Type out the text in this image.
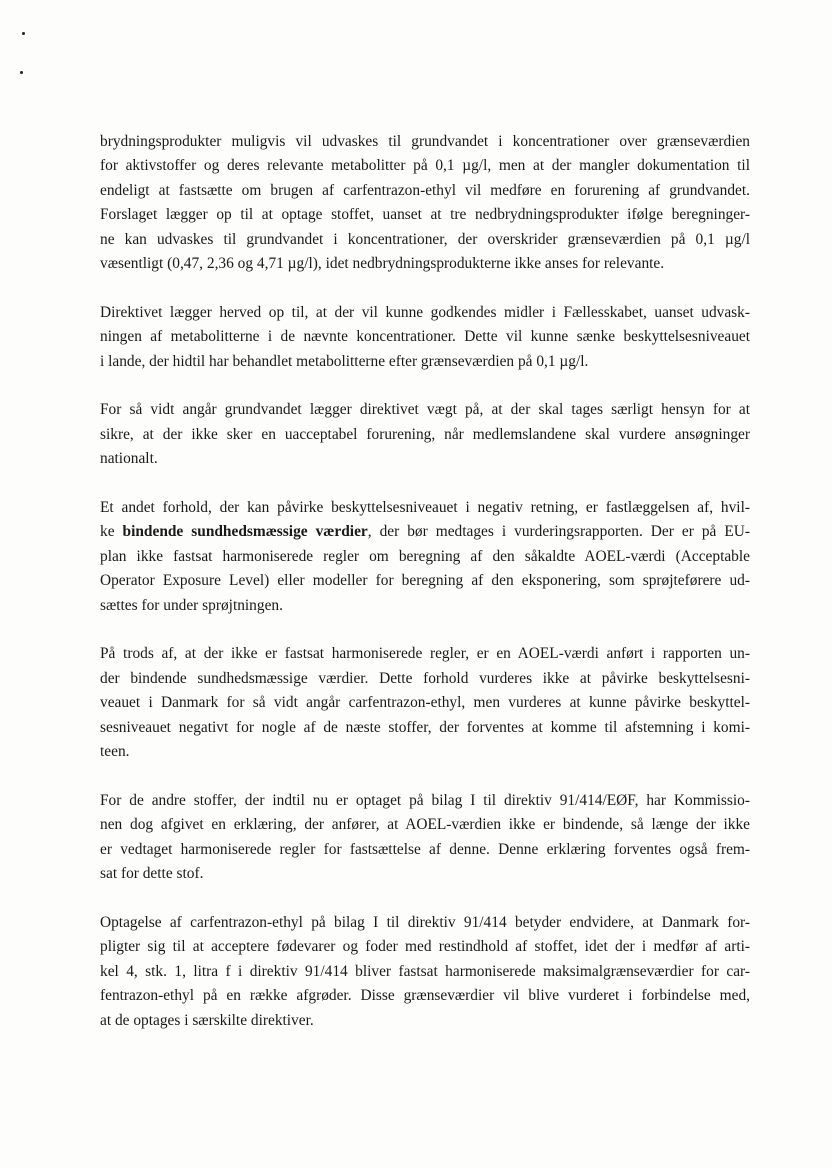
brydningsprodukter muligvis vil udvaskes til grundvandet i koncentrationer over grænseværdien
for aktivstoffer og deres relevante metabolitter på 0,1 µg/l, men at der mangler dokumentation til
endeligt at fastsætte om brugen af carfentrazon-ethyl vil medføre en forurening af grundvandet.
Forslaget lægger op til at optage stoffet, uanset at tre nedbrydningsprodukter ifølge beregninger-
ne kan udvaskes til grundvandet i koncentrationer, der overskrider grænseværdien på 0,1 µg/l
væsentligt (0,47, 2,36 og 4,71 µg/l), idet nedbrydningsprodukterne ikke anses for relevante.

Direktivet lægger herved op til, at der vil kunne godkendes midler i Fællesskabet, uanset udvask-
ningen af metabolitterne i de nævnte koncentrationer. Dette vil kunne sænke beskyttelsesniveauet
i lande, der hidtil har behandlet metabolitterne efter grænseværdien på 0,1 µg/l.

For så vidt angår grundvandet lægger direktivet vægt på, at der skal tages særligt hensyn for at
sikre, at der ikke sker en uacceptabel forurening, når medlemslandene skal vurdere ansøgninger
nationalt.

Et andet forhold, der kan påvirke beskyttelsesniveauet i negativ retning, er fastlæggelsen af, hvil-
ke bindende sundhedsmæssige værdier, der bør medtages i vurderingsrapporten. Der er på EU-
plan ikke fastsat harmoniserede regler om beregning af den såkaldte AOEL-værdi (Acceptable
Operator Exposure Level) eller modeller for beregning af den eksponering, som sprøjteførere ud-
sættes for under sprøjtningen.

På trods af, at der ikke er fastsat harmoniserede regler, er en AOEL-værdi anført i rapporten un-
der bindende sundhedsmæssige værdier. Dette forhold vurderes ikke at påvirke beskyttelsesni-
veauet i Danmark for så vidt angår carfentrazon-ethyl, men vurderes at kunne påvirke beskyttel-
sesniveauet negativt for nogle af de næste stoffer, der forventes at komme til afstemning i komi-
teen.

For de andre stoffer, der indtil nu er optaget på bilag I til direktiv 91/414/EØF, har Kommissio-
nen dog afgivet en erklæring, der anfører, at AOEL-værdien ikke er bindende, så længe der ikke
er vedtaget harmoniserede regler for fastsættelse af denne. Denne erklæring forventes også frem-
sat for dette stof.

Optagelse af carfentrazon-ethyl på bilag I til direktiv 91/414 betyder endvidere, at Danmark for-
pligter sig til at acceptere fødevarer og foder med restindhold af stoffet, idet der i medfør af arti-
kel 4, stk. 1, litra f i direktiv 91/414 bliver fastsat harmoniserede maksimalgrænseværdier for car-
fentrazon-ethyl på en række afgrøder. Disse grænseværdier vil blive vurderet i forbindelse med,
at de optages i særskilte direktiver.
